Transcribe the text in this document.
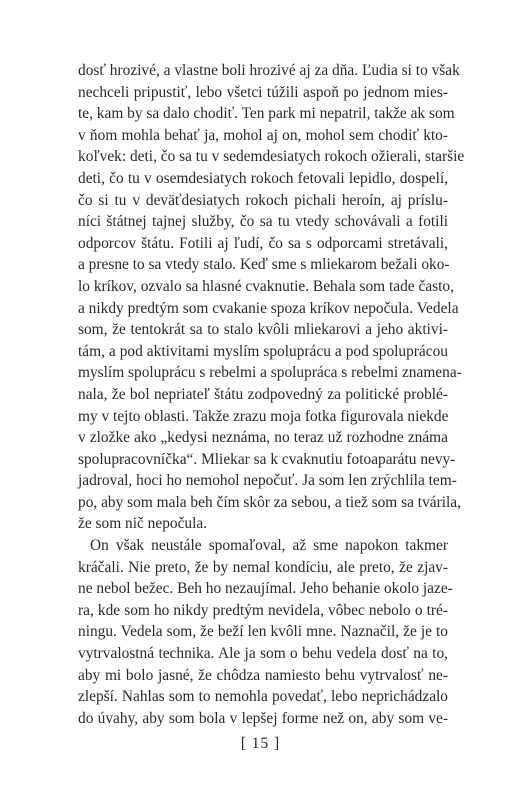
dosť hrozivé, a vlastne boli hrozivé aj za dňa. Ľudia si to však
nechceli pripustiť, lebo všetci túžili aspoň po jednom mies-
te, kam by sa dalo chodiť. Ten park mi nepatril, takže ak som
v ňom mohla behať ja, mohol aj on, mohol sem chodiť kto-
koľvek: deti, čo sa tu v sedemdesiatych rokoch ožierali, staršie
deti, čo tu v osemdesiatych rokoch fetovali lepidlo, dospelí,
čo si tu v deväťdesiatych rokoch pichali heroín, aj príslu-
níci štátnej tajnej služby, čo sa tu vtedy schovávali a fotili
odporcov štátu. Fotili aj ľudí, čo sa s odporcami stretávali,
a presne to sa vtedy stalo. Keď sme s mliekarom bežali oko-
lo kríkov, ozvalo sa hlasné cvaknutie. Behala som tade často,
a nikdy predtým som cvakanie spoza kríkov nepočula. Vedela
som, že tentokrát sa to stalo kvôli mliekarovi a jeho aktivi-
tám, a pod aktivitami myslím spoluprácu a pod spoluprácou
myslím spoluprácu s rebelmi a spolupráca s rebelmi znamena-
nala, že bol nepriateľ štátu zodpovedný za politické problé-
my v tejto oblasti. Takže zrazu moja fotka figurovala niekde
v zložke ako „kedysi neznáma, no teraz už rozhodne známa
spolupracovníčka“. Mliekar sa k cvaknutiu fotoaparátu nevy-
jadroval, hoci ho nemohol nepočuť. Ja som len zrýchlila tem-
po, aby som mala beh čím skôr za sebou, a tiež som sa tvárila,
že som nič nepočula.
On však neustále spomaľoval, až sme napokon takmer
kráčali. Nie preto, že by nemal kondíciu, ale preto, že zjav-
ne nebol bežec. Beh ho nezaujímal. Jeho behanie okolo jaze-
ra, kde som ho nikdy predtým nevidela, vôbec nebolo o tré-
ningu. Vedela som, že beží len kvôli mne. Naznačil, že je to
vytrvalostná technika. Ale ja som o behu vedela dosť na to,
aby mi bolo jasné, že chôdza namiesto behu vytrvalosť ne-
zlepší. Nahlas som to nemohla povedať, lebo neprichádzalo
do úvahy, aby som bola v lepšej forme než on, aby som ve-
[ 15 ]
